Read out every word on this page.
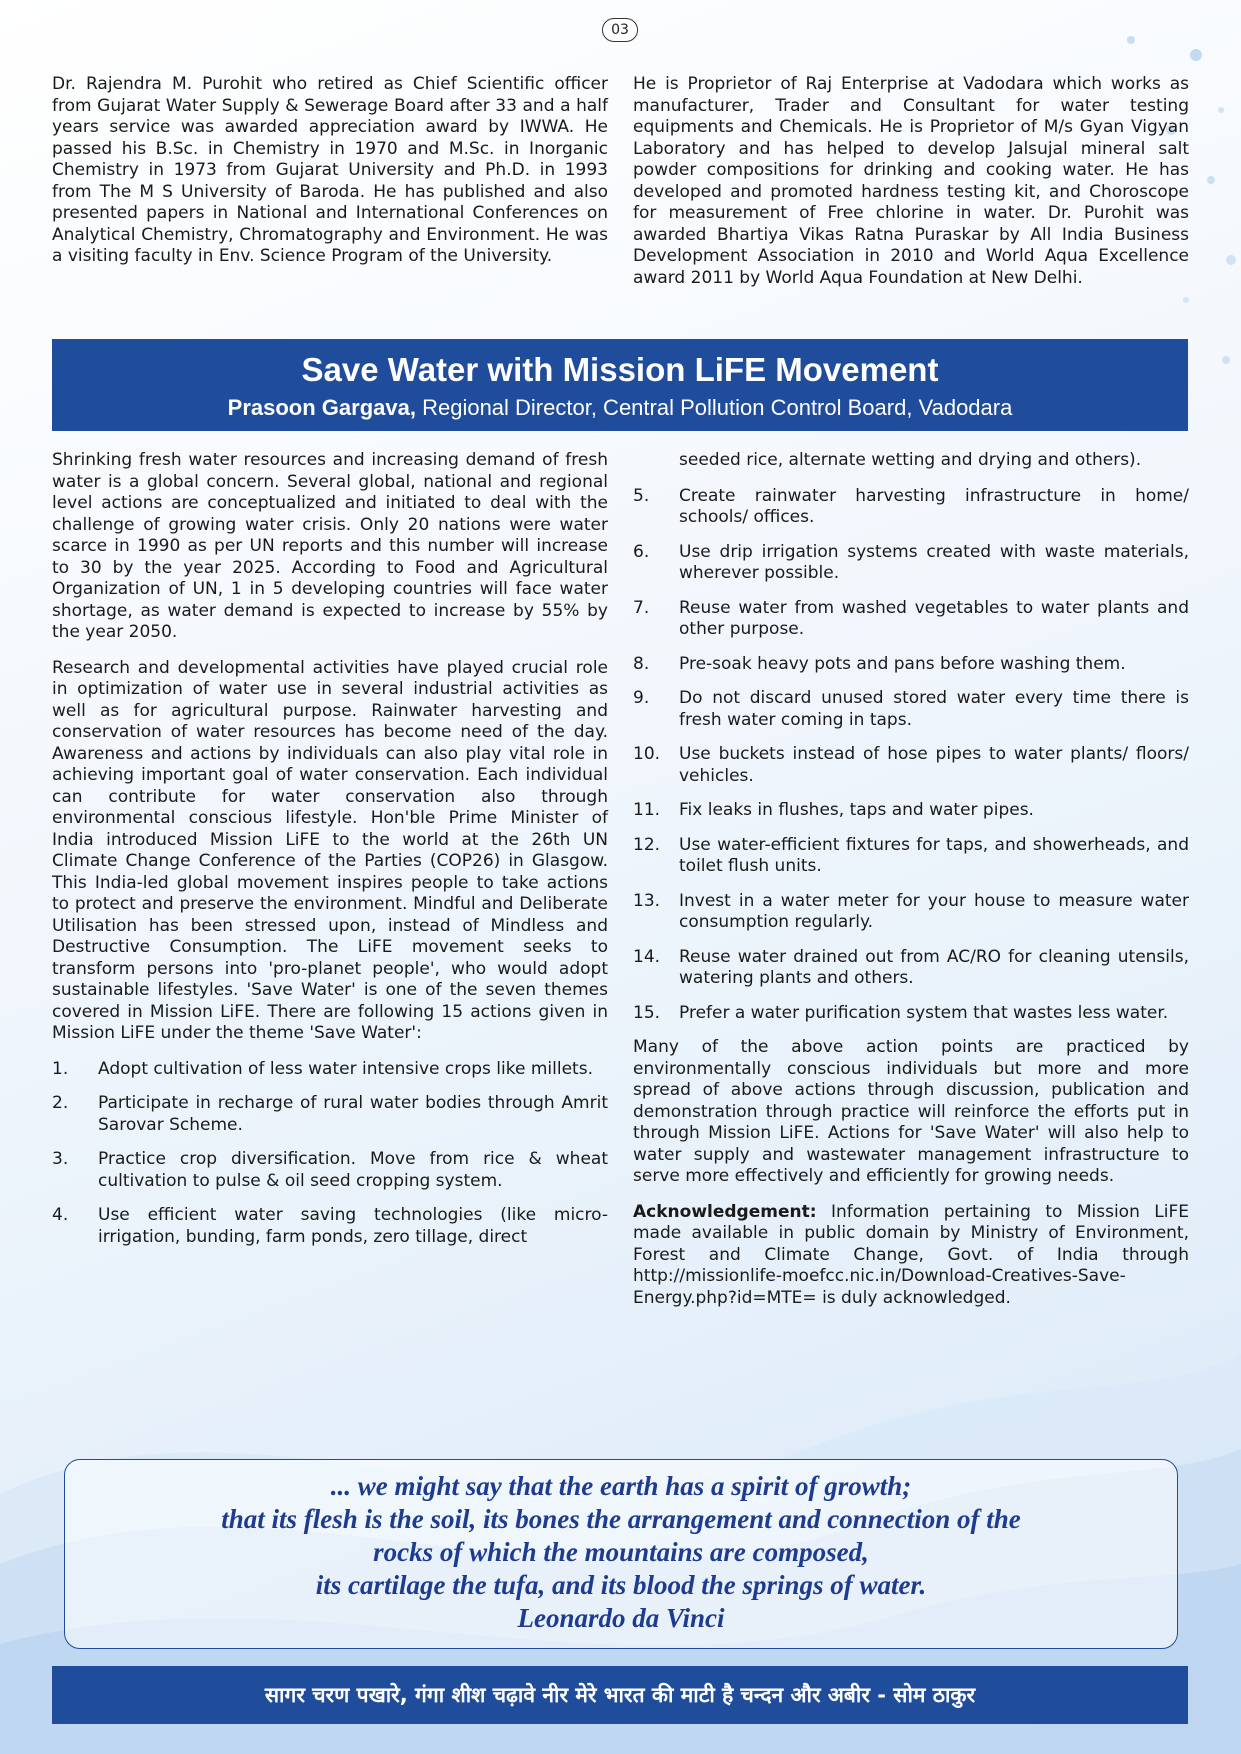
03

Dr. Rajendra M. Purohit who retired as Chief Scientific officer from Gujarat Water Supply & Sewerage Board after 33 and a half years service was awarded appreciation award by IWWA. He passed his B.Sc. in Chemistry in 1970 and M.Sc. in Inorganic Chemistry in 1973 from Gujarat University and Ph.D. in 1993 from The M S University of Baroda. He has published and also presented papers in National and International Conferences on Analytical Chemistry, Chromatography and Environment. He was a visiting faculty in Env. Science Program of the University.

He is Proprietor of Raj Enterprise at Vadodara which works as manufacturer, Trader and Consultant for water testing equipments and Chemicals. He is Proprietor of M/s Gyan Vigyan Laboratory and has helped to develop Jalsujal mineral salt powder compositions for drinking and cooking water. He has developed and promoted hardness testing kit, and Choroscope for measurement of Free chlorine in water. Dr. Purohit was awarded Bhartiya Vikas Ratna Puraskar by All India Business Development Association in 2010 and World Aqua Excellence award 2011 by World Aqua Foundation at New Delhi.

Save Water with Mission LiFE Movement
Prasoon Gargava, Regional Director, Central Pollution Control Board, Vadodara

Shrinking fresh water resources and increasing demand of fresh water is a global concern. Several global, national and regional level actions are conceptualized and initiated to deal with the challenge of growing water crisis. Only 20 nations were water scarce in 1990 as per UN reports and this number will increase to 30 by the year 2025. According to Food and Agricultural Organization of UN, 1 in 5 developing countries will face water shortage, as water demand is expected to increase by 55% by the year 2050.

Research and developmental activities have played crucial role in optimization of water use in several industrial activities as well as for agricultural purpose. Rainwater harvesting and conservation of water resources has become need of the day. Awareness and actions by individuals can also play vital role in achieving important goal of water conservation. Each individual can contribute for water conservation also through environmental conscious lifestyle. Hon'ble Prime Minister of India introduced Mission LiFE to the world at the 26th UN Climate Change Conference of the Parties (COP26) in Glasgow. This India-led global movement inspires people to take actions to protect and preserve the environment. Mindful and Deliberate Utilisation has been stressed upon, instead of Mindless and Destructive Consumption. The LiFE movement seeks to transform persons into 'pro-planet people', who would adopt sustainable lifestyles. 'Save Water' is one of the seven themes covered in Mission LiFE. There are following 15 actions given in Mission LiFE under the theme 'Save Water':

1.	Adopt cultivation of less water intensive crops like millets.
2.	Participate in recharge of rural water bodies through Amrit Sarovar Scheme.
3.	Practice crop diversification. Move from rice & wheat cultivation to pulse & oil seed cropping system.
4.	Use efficient water saving technologies (like micro-irrigation, bunding, farm ponds, zero tillage, direct

seeded rice, alternate wetting and drying and others).

5.	Create rainwater harvesting infrastructure in home/ schools/ offices.
6.	Use drip irrigation systems created with waste materials, wherever possible.
7.	Reuse water from washed vegetables to water plants and other purpose.
8.	Pre-soak heavy pots and pans before washing them.
9.	Do not discard unused stored water every time there is fresh water coming in taps.
10.	Use buckets instead of hose pipes to water plants/ floors/ vehicles.
11.	Fix leaks in flushes, taps and water pipes.
12.	Use water-efficient fixtures for taps, and showerheads, and toilet flush units.
13.	Invest in a water meter for your house to measure water consumption regularly.
14.	Reuse water drained out from AC/RO for cleaning utensils, watering plants and others.
15.	Prefer a water purification system that wastes less water.

Many of the above action points are practiced by environmentally conscious individuals but more and more spread of above actions through discussion, publication and demonstration through practice will reinforce the efforts put in through Mission LiFE. Actions for 'Save Water' will also help to water supply and wastewater management infrastructure to serve more effectively and efficiently for growing needs.

Acknowledgement: Information pertaining to Mission LiFE made available in public domain by Ministry of Environment, Forest and Climate Change, Govt. of India through http://missionlife-moefcc.nic.in/Download-Creatives-Save-Energy.php?id=MTE= is duly acknowledged.

... we might say that the earth has a spirit of growth;
that its flesh is the soil, its bones the arrangement and connection of the
rocks of which the mountains are composed,
its cartilage the tufa, and its blood the springs of water.
Leonardo da Vinci
सागर चरण पखारे, गंगा शीश चढ़ावे नीर मेरे भारत की माटी है चन्दन और अबीर - सोम ठाकुर
